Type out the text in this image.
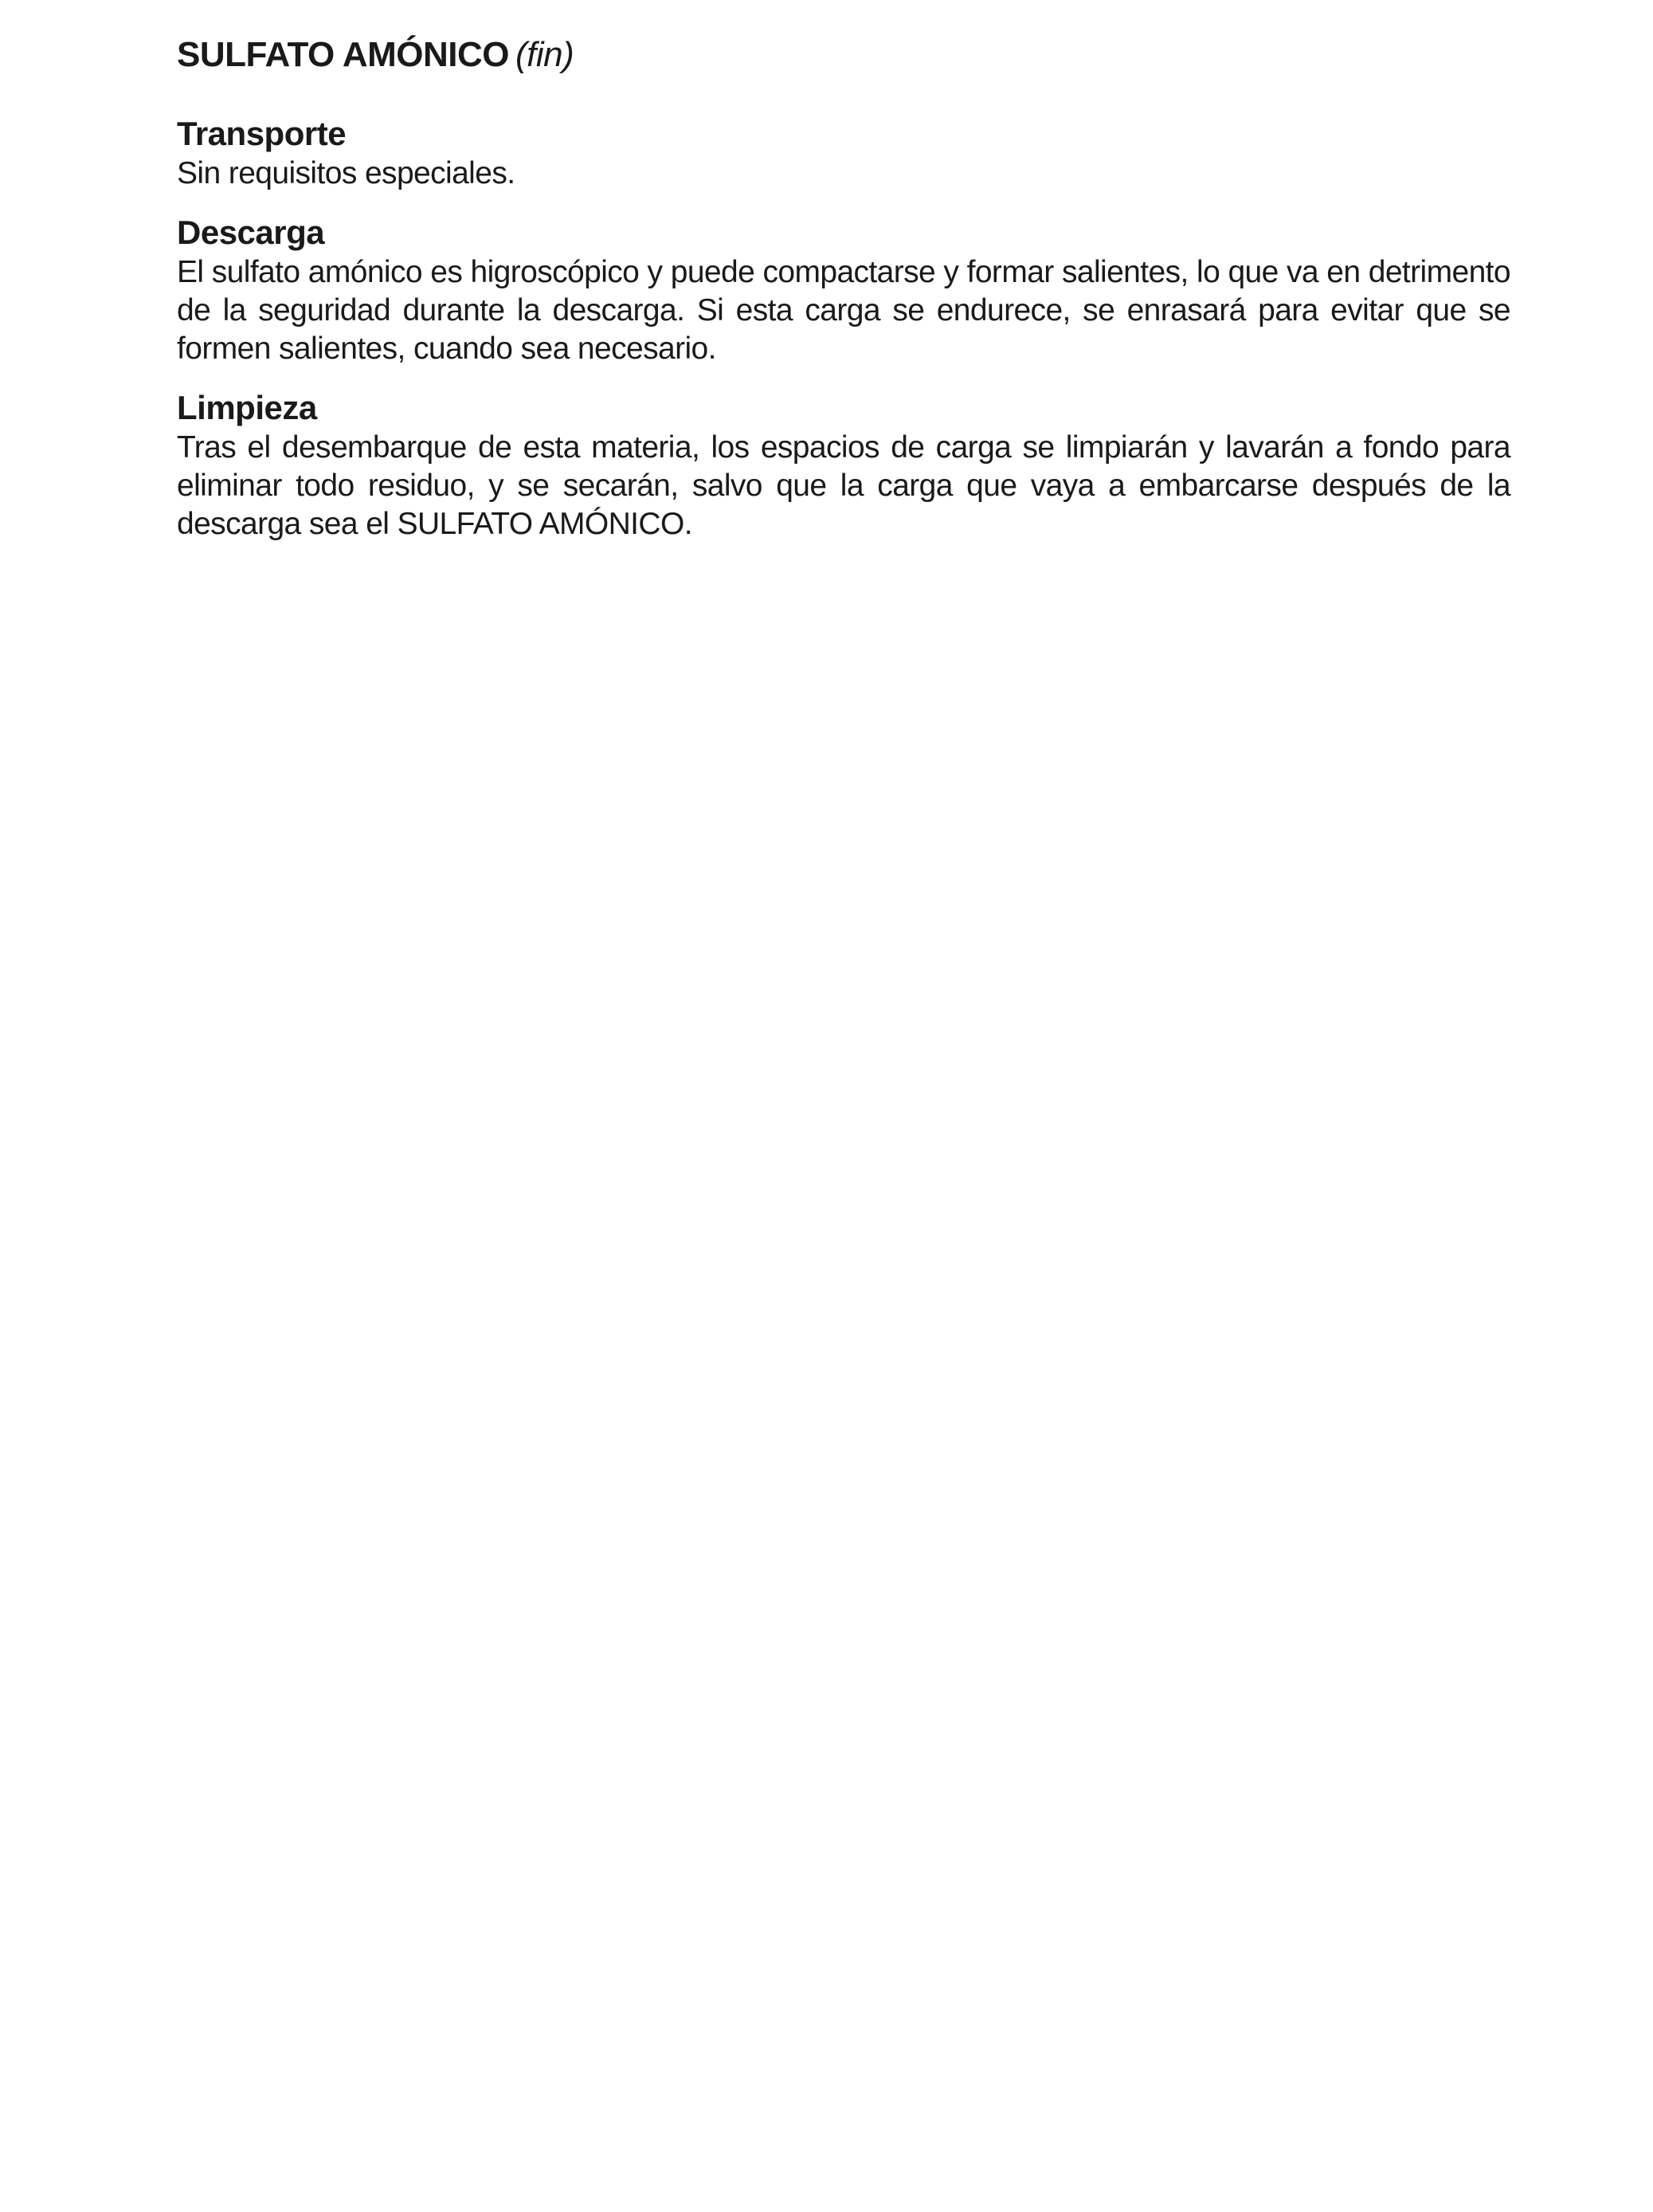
SULFATO AMÓNICO (fin)
Transporte

Sin requisitos especiales.

Descarga

El sulfato amónico es higroscópico y puede compactarse y formar salientes, lo que va en detrimento de la seguridad durante la descarga. Si esta carga se endurece, se enrasará para evitar que se formen salientes, cuando sea necesario.

Limpieza

Tras el desembarque de esta materia, los espacios de carga se limpiarán y lavarán a fondo para eliminar todo residuo, y se secarán, salvo que la carga que vaya a embarcarse después de la descarga sea el SULFATO AMÓNICO.
